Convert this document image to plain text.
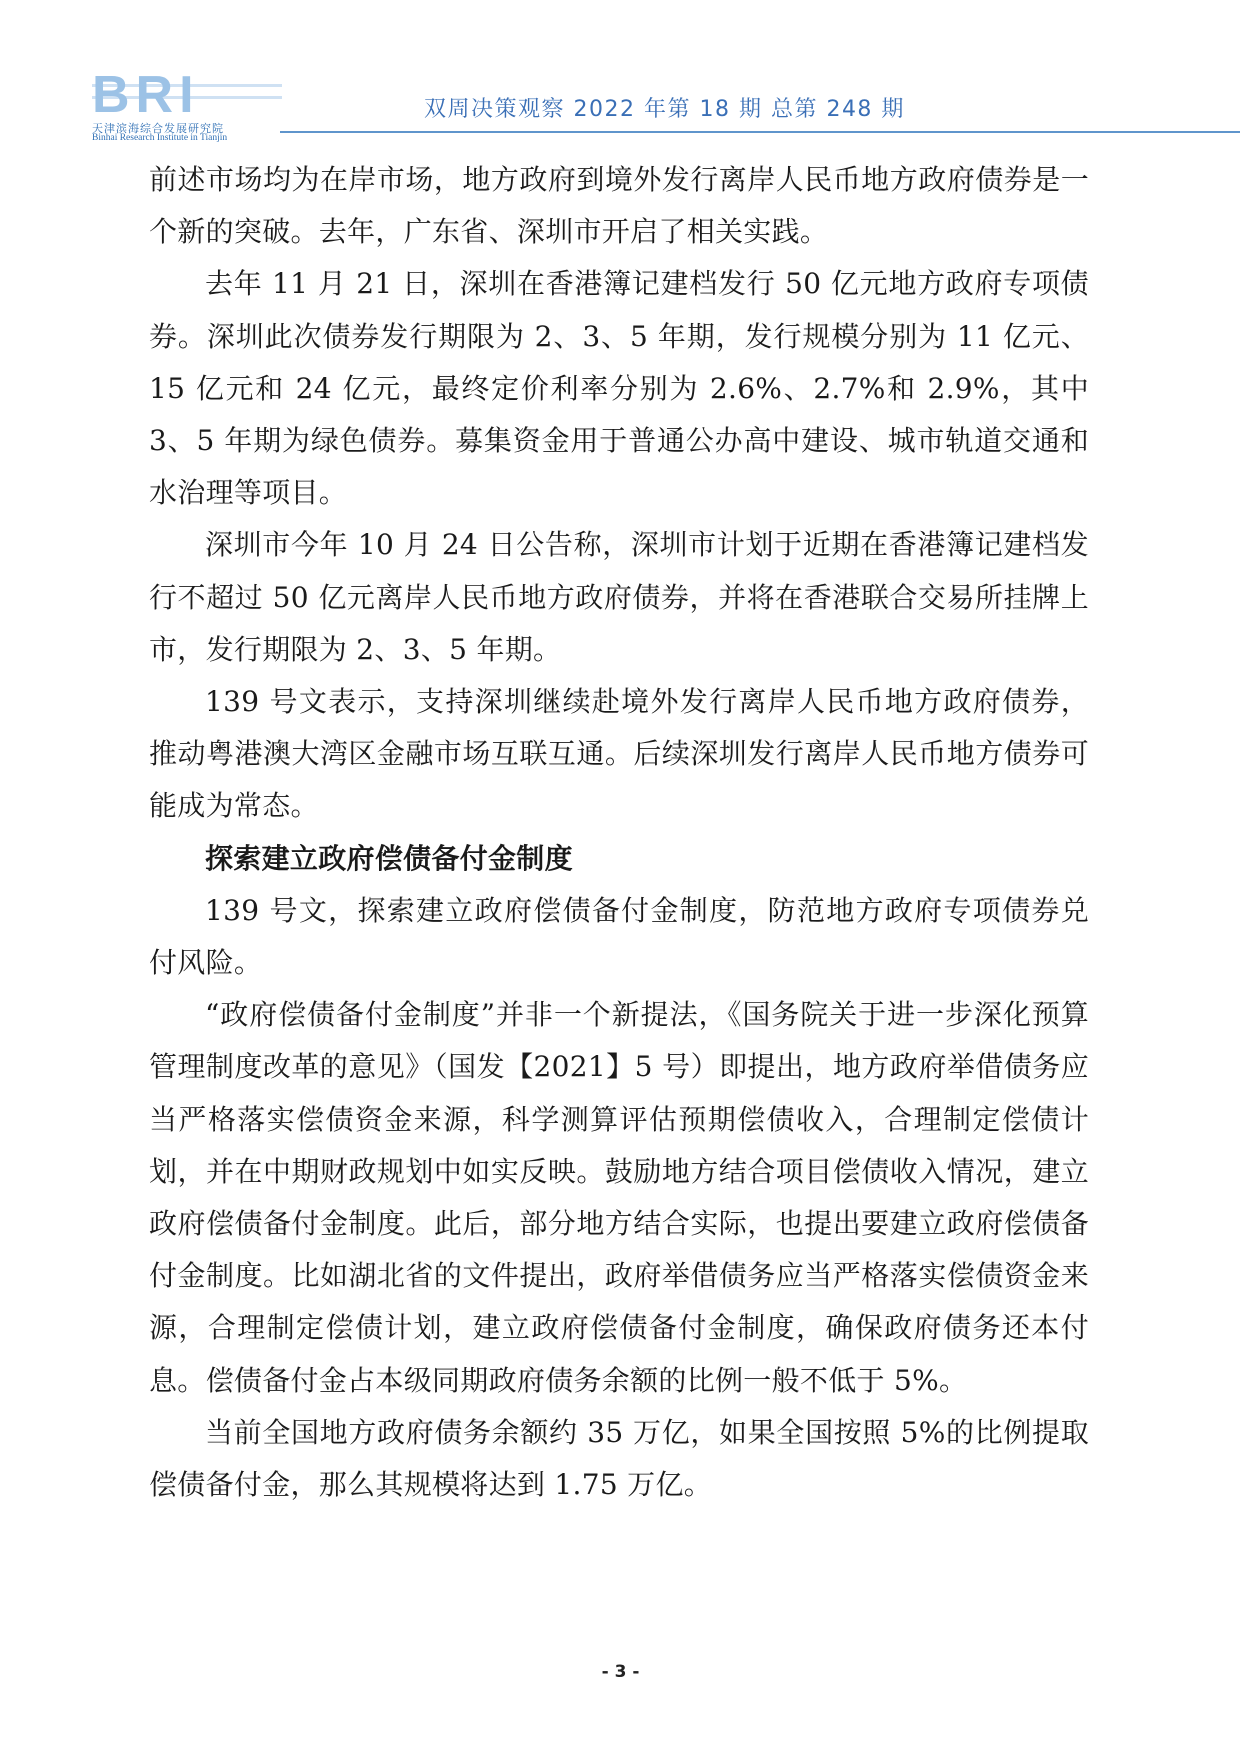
BRI
天津滨海综合发展研究院
Binhai Research Institute in Tianjin
双周决策观察 2022 年第 18 期 总第 248 期

前述市场均为在岸市场，地方政府到境外发行离岸人民币地方政府债券是一个新的突破。去年，广东省、深圳市开启了相关实践。

去年 11 月 21 日，深圳在香港簿记建档发行 50 亿元地方政府专项债券。深圳此次债券发行期限为 2、3、5 年期，发行规模分别为 11 亿元、15 亿元和 24 亿元，最终定价利率分别为 2.6%、2.7%和 2.9%，其中 3、5 年期为绿色债券。募集资金用于普通公办高中建设、城市轨道交通和水治理等项目。

深圳市今年 10 月 24 日公告称，深圳市计划于近期在香港簿记建档发行不超过 50 亿元离岸人民币地方政府债券，并将在香港联合交易所挂牌上市，发行期限为 2、3、5 年期。

139 号文表示，支持深圳继续赴境外发行离岸人民币地方政府债券，推动粤港澳大湾区金融市场互联互通。后续深圳发行离岸人民币地方债券可能成为常态。

探索建立政府偿债备付金制度

139 号文，探索建立政府偿债备付金制度，防范地方政府专项债券兑付风险。

“政府偿债备付金制度”并非一个新提法，《国务院关于进一步深化预算管理制度改革的意见》（国发【2021】5 号）即提出，地方政府举借债务应当严格落实偿债资金来源，科学测算评估预期偿债收入，合理制定偿债计划，并在中期财政规划中如实反映。鼓励地方结合项目偿债收入情况，建立政府偿债备付金制度。此后，部分地方结合实际，也提出要建立政府偿债备付金制度。比如湖北省的文件提出，政府举借债务应当严格落实偿债资金来源，合理制定偿债计划，建立政府偿债备付金制度，确保政府债务还本付息。偿债备付金占本级同期政府债务余额的比例一般不低于 5%。

当前全国地方政府债务余额约 35 万亿，如果全国按照 5%的比例提取偿债备付金，那么其规模将达到 1.75 万亿。

- 3 -
